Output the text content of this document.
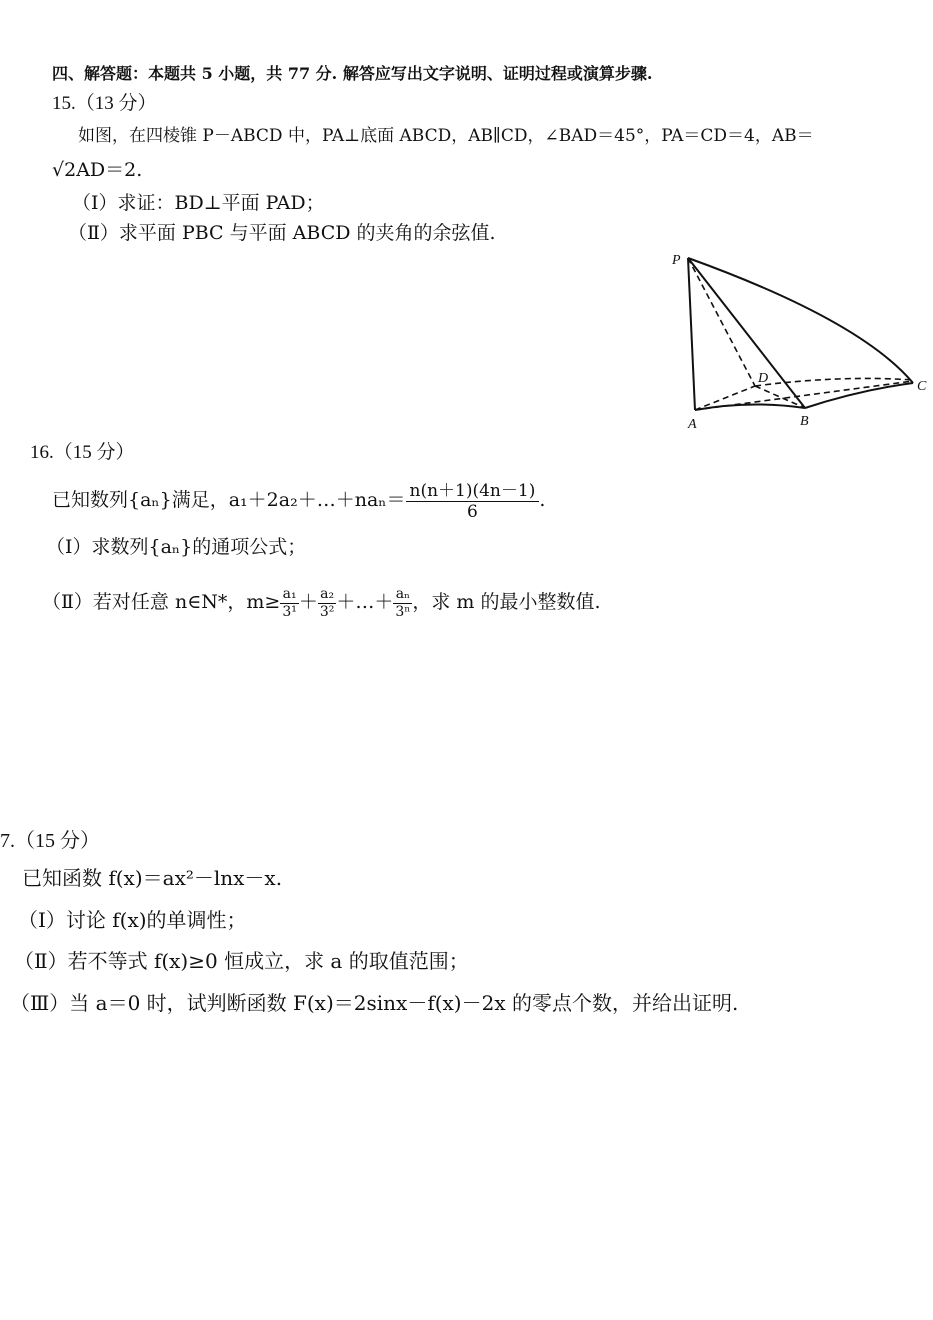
四、解答题：本题共 5 小题，共 77 分. 解答应写出文字说明、证明过程或演算步骤.
15.（13 分）
如图，在四棱锥 P－ABCD 中，PA⊥底面 ABCD，AB∥CD，∠BAD＝45°，PA＝CD＝4，AB＝
√2AD＝2.
（Ⅰ）求证：BD⊥平面 PAD；
（Ⅱ）求平面 PBC 与平面 ABCD 的夹角的余弦值.
P
A	B
C
D
16.（15 分）
已知数列{aₙ}满足，a₁＋2a₂＋…＋naₙ＝ $\frac{n(n+1)(4n-1)}{6}$ .
（Ⅰ）求数列{aₙ}的通项公式；
（Ⅱ）若对任意 n∈N*，$m\ge \frac{\text{a₁}}{\text{3¹}} + \frac{\text{a₂}}{\text{3²}}$ ＋…＋ $\frac{\text{aₙ}}{\text{3ⁿ}}$ ，求 m 的最小整数值.
7.（15 分）
已知函数 f(x)＝ax²－lnx－x.
（Ⅰ）讨论 f(x)的单调性；
（Ⅱ）若不等式 f(x)≥0 恒成立，求 a 的取值范围；
（Ⅲ）当 a＝0 时，试判断函数 F(x)＝2sinx－f(x)－2x 的零点个数，并给出证明.
